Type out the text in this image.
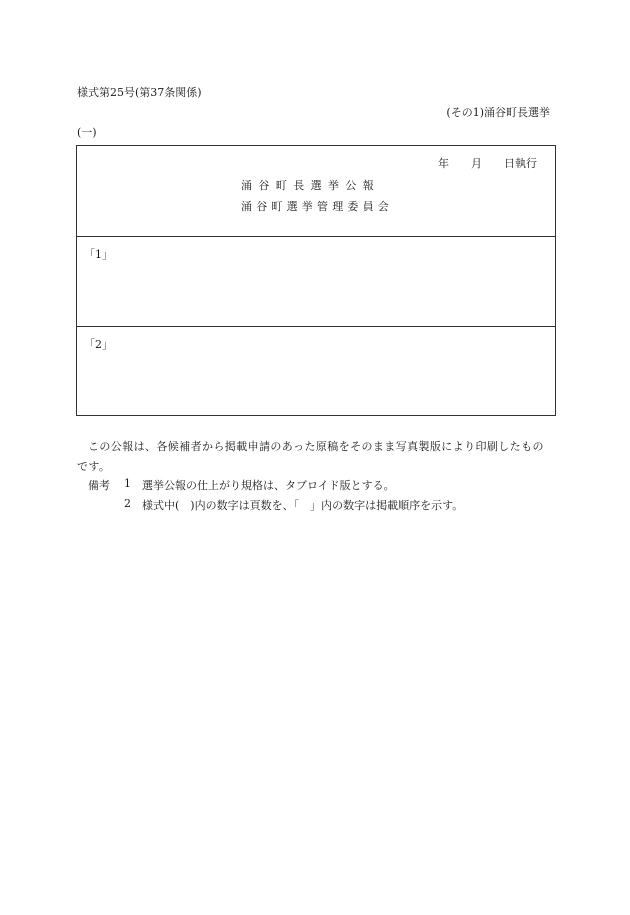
様式第25号(第37条関係)
(その1)涌谷町長選挙
(一)
年 月 日執行
涌谷町長選挙公報
涌谷町選挙管理委員会
「1」
「2」
この公報は、各候補者から掲載申請のあった原稿をそのまま写真製版により印刷したものです。
備考 1 選挙公報の仕上がり規格は、タブロイド版とする。
2 様式中(　)内の数字は頁数を、「　」内の数字は掲載順序を示す。
